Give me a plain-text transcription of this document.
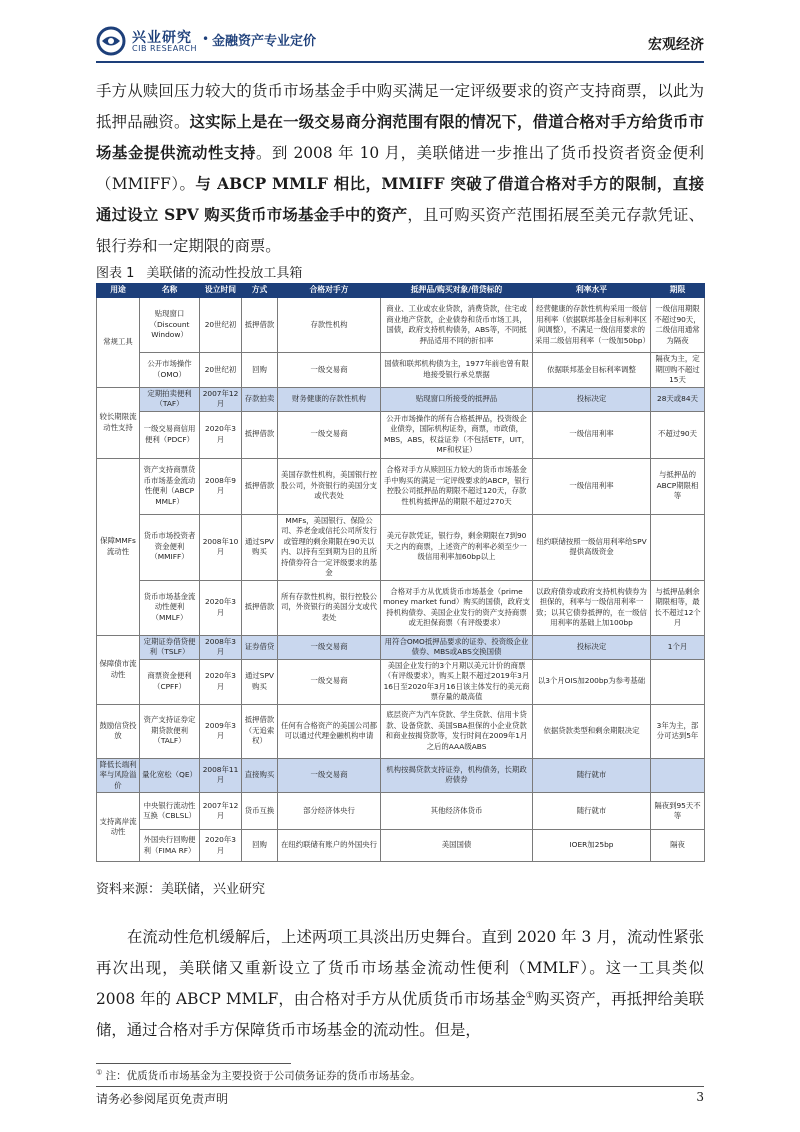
兴业研究
CIB RESEARCH
• 金融资产专业定价	宏观经济

手方从赎回压力较大的货币市场基金手中购买满足一定评级要求的资产支持商票，以此为抵押品融资。这实际上是在一级交易商分润范围有限的情况下，借道合格对手方给货币市场基金提供流动性支持。到 2008 年 10 月，美联储进一步推出了货币投资者资金便利（MMIFF）。与 ABCP MMLF 相比，MMIFF 突破了借道合格对手方的限制，直接通过设立 SPV 购买货币市场基金手中的资产，且可购买资产范围拓展至美元存款凭证、银行券和一定期限的商票。

图表 1 美联储的流动性投放工具箱
用途	名称	设立时间	方式	合格对手方	抵押品/购买对象/借贷标的	利率水平	期限
常规工具	贴现窗口（Discount Window）	20世纪初	抵押借款	存款性机构	商业、工业或农业贷款，消费贷款，住宅或商业地产贷款，企业债券和货币市场工具，国债，政府支持机构债务，ABS等，不同抵押品适用不同的折扣率	经营健康的存款性机构采用一级信用利率（依据联邦基金目标利率区间调整），不满足一级信用要求的采用二级信用利率（一级加50bp）	一级信用期限不超过90天，二级信用通常为隔夜
	公开市场操作（OMO）	20世纪初	回购	一级交易商	国债和联邦机构债为主，1977年前也曾有限地接受银行承兑票据	依据联邦基金目标利率调整	隔夜为主，定期回购不超过15天
较长期限流动性支持	定期拍卖便利（TAF）	2007年12月	存款拍卖	财务健康的存款性机构	贴现窗口所接受的抵押品	投标决定	28天或84天
	一级交易商信用便利（PDCF）	2020年3月	抵押借款	一级交易商	公开市场操作的所有合格抵押品，投资级企业债券，国际机构证券，商票，市政债，MBS，ABS，权益证券（不包括ETF，UIT，MF和权证）	一级信用利率	不超过90天
保障MMFs流动性	资产支持商票货币市场基金流动性便利（ABCP MMLF）	2008年9月	抵押借款	美国存款性机构，美国银行控股公司，外资银行的美国分支或代表处	合格对手方从赎回压力较大的货币市场基金手中购买的满足一定评级要求的ABCP，银行控股公司抵押品的期限不超过120天，存款性机构抵押品的期限不超过270天	一级信用利率	与抵押品的ABCP期限相等
	货币市场投资者资金便利（MMIFF）	2008年10月	通过SPV购买	MMFs，美国银行、保险公司、养老金或信托公司所发行或管理的剩余期限在90天以内、以持有至到期为目的且所持债券符合一定评级要求的基金	美元存款凭证，银行券，剩余期限在7到90天之内的商票，上述资产的利率必须至少一级信用利率加60bp以上	纽约联储按照一级信用利率给SPV提供高级资金	
	货币市场基金流动性便利（MMLF）	2020年3月	抵押借款	所有存款性机构，银行控股公司，外资银行的美国分支或代表处	合格对手方从优质货币市场基金（prime money market fund）购买的国债，政府支持机构债券、美国企业发行的资产支持商票或无担保商票（有评级要求）	以政府债券或政府支持机构债券为担保的，利率与一级信用利率一致；以其它债券抵押的，在一级信用利率的基础上加100bp	与抵押品剩余期限相等，最长不超过12个月
保障债市流动性	定期证券借贷便利（TSLF）	2008年3月	证券借贷	一级交易商	用符合OMO抵押品要求的证券、投资级企业债券、MBS或ABS交换国债	投标决定	1个月
	商票资金便利（CPFF）	2020年3月	通过SPV购买	一级交易商	美国企业发行的3个月期以美元计价的商票（有评级要求），购买上限不超过2019年3月16日至2020年3月16日该主体发行的美元商票存量的最高值	以3个月OIS加200bp为参考基础	
鼓励信贷投放	资产支持证券定期贷款便利（TALF）	2009年3月	抵押借款（无追索权）	任何有合格资产的美国公司都可以通过代理金融机构申请	底层资产为汽车贷款、学生贷款、信用卡贷款、设备贷款、美国SBA担保的小企业贷款和商业按揭贷款等，发行时间在2009年1月之后的AAA级ABS	依据贷款类型和剩余期限决定	3年为主，部分可达到5年
降低长端利率与风险溢价	量化宽松（QE）	2008年11月	直接购买	一级交易商	机构按揭贷款支持证券，机构债务，长期政府债券	随行就市	
支持离岸流动性	中央银行流动性互换（CBLSL）	2007年12月	货币互换	部分经济体央行	其他经济体货币	随行就市	隔夜到95天不等
	外国央行回购便利（FIMA RF）	2020年3月	回购	在纽约联储有账户的外国央行	美国国债	IOER加25bp	隔夜
资料来源：美联储，兴业研究

在流动性危机缓解后，上述两项工具淡出历史舞台。直到 2020 年 3 月，流动性紧张再次出现，美联储又重新设立了货币市场基金流动性便利（MMLF）。这一工具类似 2008 年的 ABCP MMLF，由合格对手方从优质货币市场基金①购买资产，再抵押给美联储，通过合格对手方保障货币市场基金的流动性。但是，

① 注：优质货币市场基金为主要投资于公司债务证券的货币市场基金。
请务必参阅尾页免责声明	3
